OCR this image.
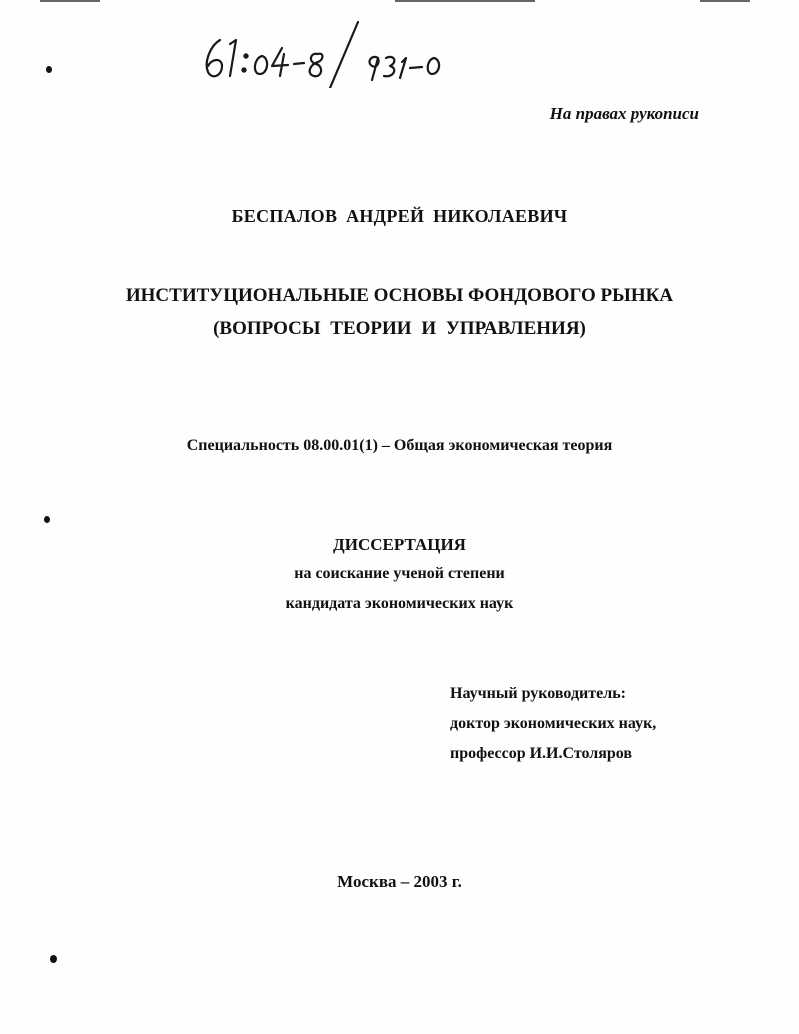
На правах рукописи
БЕСПАЛОВ АНДРЕЙ НИКОЛАЕВИЧ
ИНСТИТУЦИОНАЛЬНЫЕ ОСНОВЫ ФОНДОВОГО РЫНКА
(ВОПРОСЫ ТЕОРИИ И УПРАВЛЕНИЯ)
Специальность 08.00.01(1) – Общая экономическая теория
ДИССЕРТАЦИЯ
на соискание ученой степени
кандидата экономических наук
Научный руководитель:
доктор экономических наук,
профессор И.И.Столяров
Москва – 2003 г.
